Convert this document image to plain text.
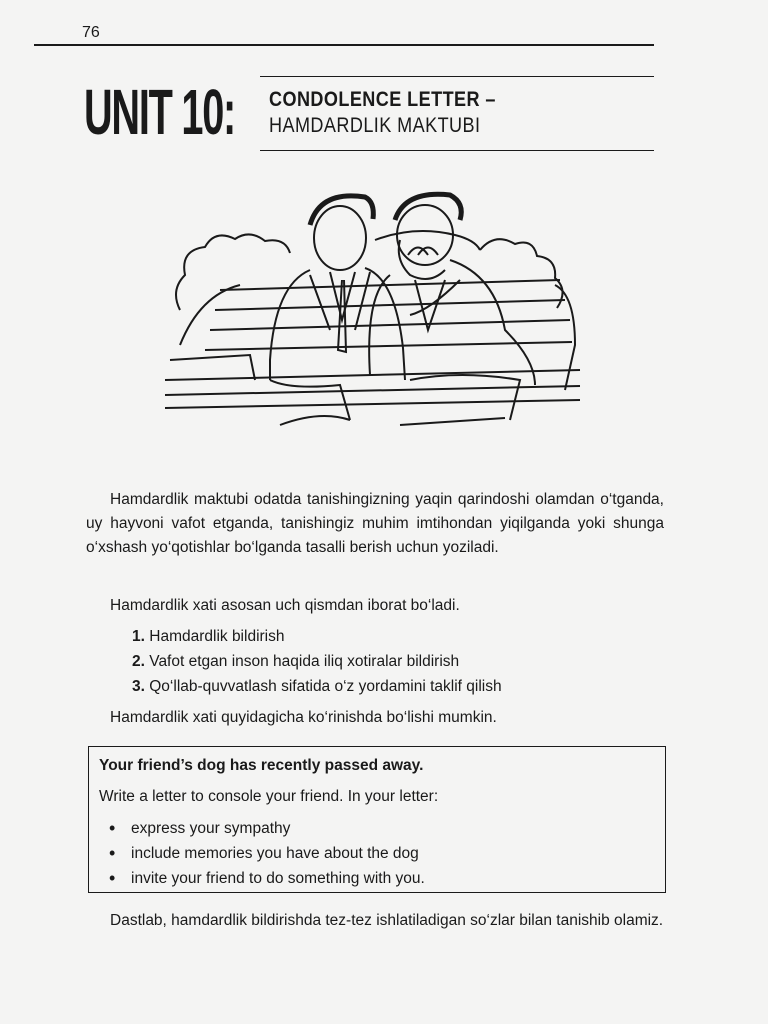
76
UNIT 10: CONDOLENCE LETTER –
HAMDARDLIK MAKTUBI
Hamdardlik maktubi odatda tanishingizning yaqin qarindoshi olamdan o‘tganda, uy hayvoni vafot etganda, tanishingiz muhim imtihondan yiqilganda yoki shunga o‘xshash yo‘qotishlar bo‘lganda tasalli berish uchun yoziladi.
Hamdardlik xati asosan uch qismdan iborat bo‘ladi.
1. Hamdardlik bildirish
2. Vafot etgan inson haqida iliq xotiralar bildirish
3. Qo‘llab-quvvatlash sifatida o‘z yordamini taklif qilish
Hamdardlik xati quyidagicha ko‘rinishda bo‘lishi mumkin.
Your friend’s dog has recently passed away.
Write a letter to console your friend. In your letter:
• express your sympathy
• include memories you have about the dog
• invite your friend to do something with you.
Dastlab, hamdardlik bildirishda tez-tez ishlatiladigan so‘zlar bilan tanishib olamiz.
